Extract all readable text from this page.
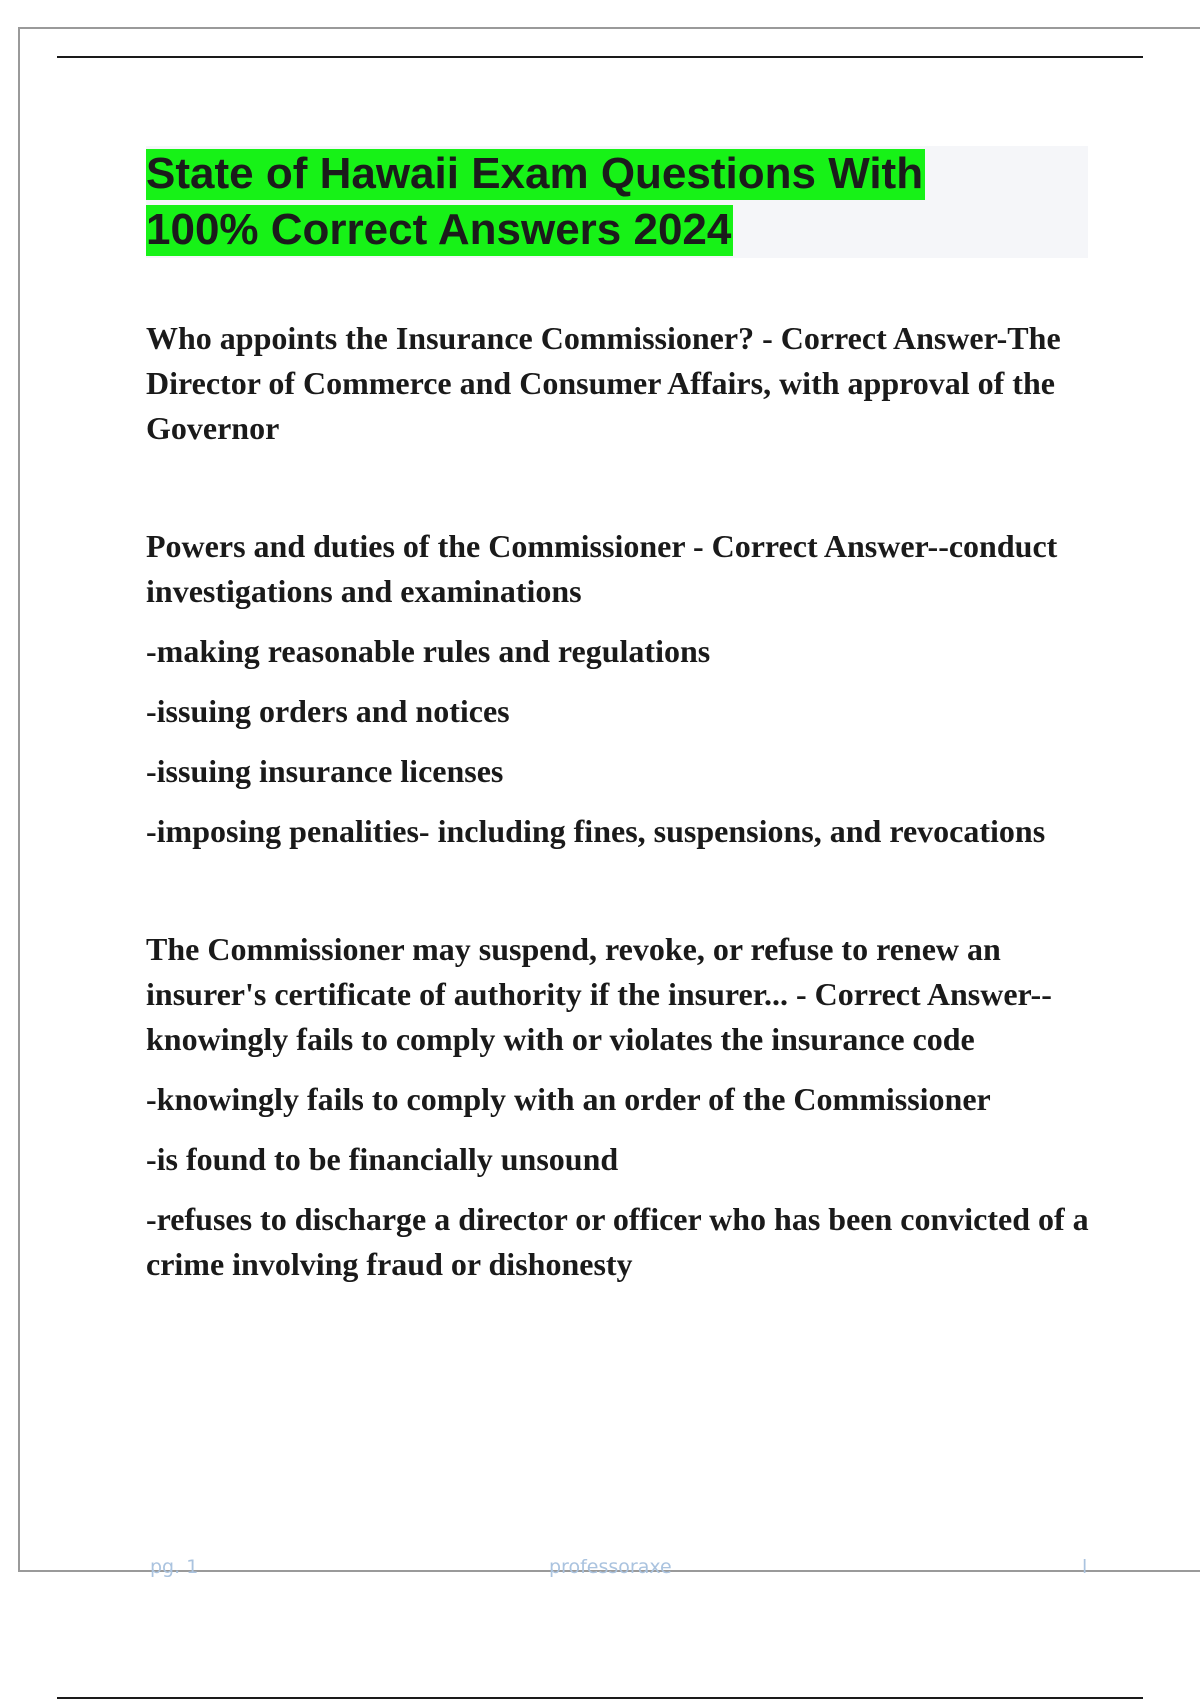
State of Hawaii Exam Questions With
100% Correct Answers 2024

Who appoints the Insurance Commissioner? - Correct Answer-The Director of Commerce and Consumer Affairs, with approval of the Governor

Powers and duties of the Commissioner - Correct Answer--conduct investigations and examinations

-making reasonable rules and regulations

-issuing orders and notices

-issuing insurance licenses

-imposing penalities- including fines, suspensions, and revocations

The Commissioner may suspend, revoke, or refuse to renew an insurer's certificate of authority if the insurer... - Correct Answer--knowingly fails to comply with or violates the insurance code

-knowingly fails to comply with an order of the Commissioner

-is found to be financially unsound

-refuses to discharge a director or officer who has been convicted of a crime involving fraud or dishonesty

pg. 1	professoraxe	l
